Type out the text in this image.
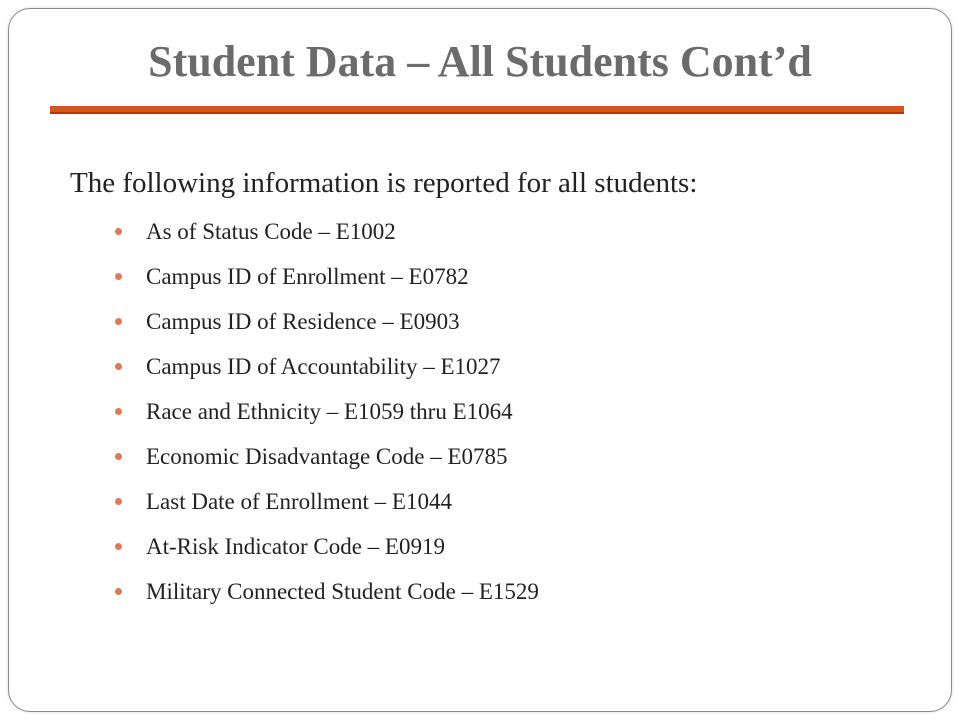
Student Data – All Students Cont’d
The following information is reported for all students:
As of Status Code – E1002
Campus ID of Enrollment – E0782
Campus ID of Residence – E0903
Campus ID of Accountability – E1027
Race and Ethnicity – E1059 thru E1064
Economic Disadvantage Code – E0785
Last Date of Enrollment – E1044
At-Risk Indicator Code – E0919
Military Connected Student Code – E1529
